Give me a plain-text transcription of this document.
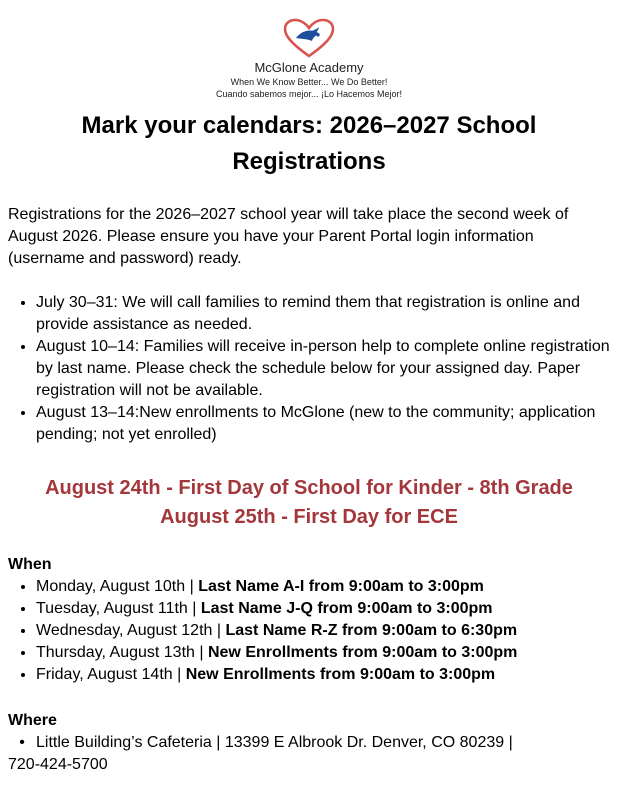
McGlone Academy
When We Know Better... We Do Better!
Cuando sabemos mejor... ¡Lo Hacemos Mejor!
Mark your calendars: 2026–2027 School Registrations

Registrations for the 2026–2027 school year will take place the second week of August 2026. Please ensure you have your Parent Portal login information (username and password) ready.

• July 30–31: We will call families to remind them that registration is online and provide assistance as needed.
• August 10–14: Families will receive in-person help to complete online registration by last name. Please check the schedule below for your assigned day. Paper registration will not be available.
• August 13–14:New enrollments to McGlone (new to the community; application pending; not yet enrolled)
August 24th - First Day of School for Kinder - 8th Grade
August 25th - First Day for ECE
When
• Monday, August 10th | Last Name A-I from 9:00am to 3:00pm
• Tuesday, August 11th | Last Name J-Q from 9:00am to 3:00pm
• Wednesday, August 12th | Last Name R-Z from 9:00am to 6:30pm
• Thursday, August 13th | New Enrollments from 9:00am to 3:00pm
• Friday, August 14th | New Enrollments from 9:00am to 3:00pm
Where
• Little Building’s Cafeteria | 13399 E Albrook Dr. Denver, CO 80239 |
720-424-5700
